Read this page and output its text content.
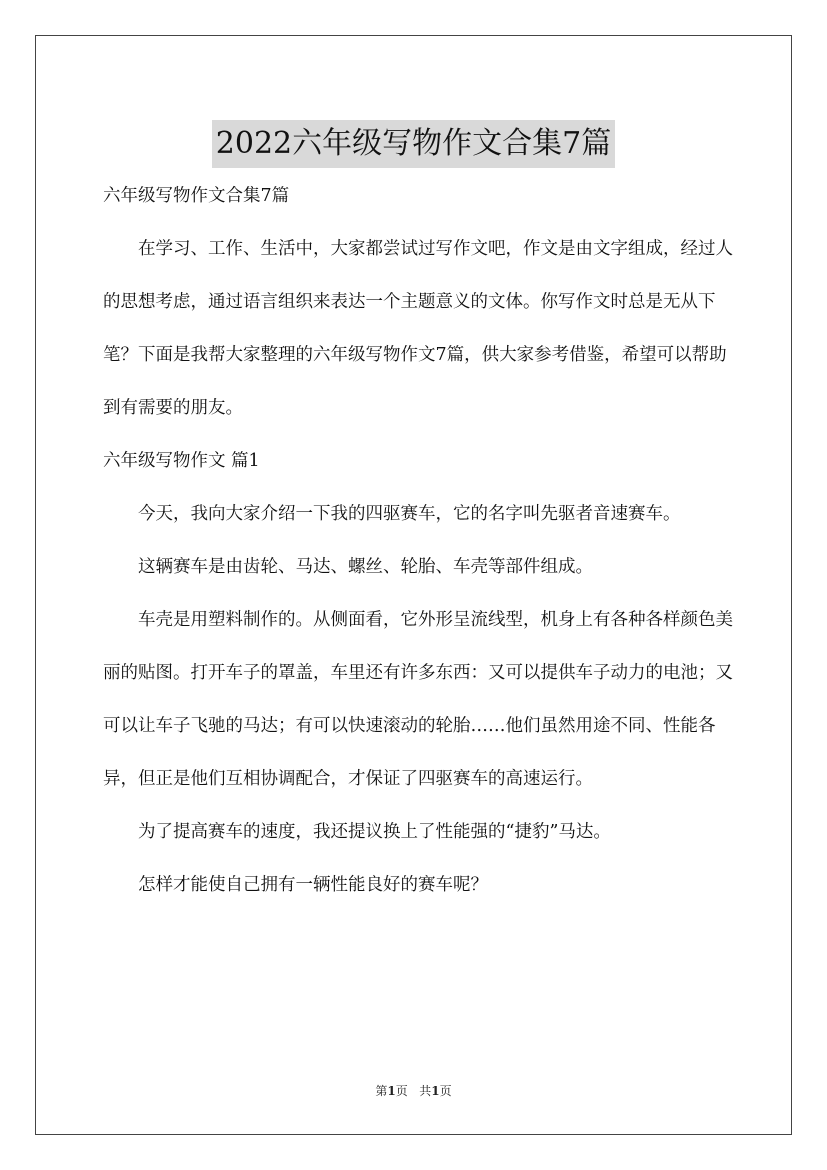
2022六年级写物作文合集7篇

六年级写物作文合集7篇

在学习、工作、生活中，大家都尝试过写作文吧，作文是由文字组成，经过人的思想考虑，通过语言组织来表达一个主题意义的文体。你写作文时总是无从下笔？下面是我帮大家整理的六年级写物作文7篇，供大家参考借鉴，希望可以帮助到有需要的朋友。

六年级写物作文 篇1

今天，我向大家介绍一下我的四驱赛车，它的名字叫先驱者音速赛车。

这辆赛车是由齿轮、马达、螺丝、轮胎、车壳等部件组成。

车壳是用塑料制作的。从侧面看，它外形呈流线型，机身上有各种各样颜色美丽的贴图。打开车子的罩盖，车里还有许多东西：又可以提供车子动力的电池；又可以让车子飞驰的马达；有可以快速滚动的轮胎……他们虽然用途不同、性能各异，但正是他们互相协调配合，才保证了四驱赛车的高速运行。

为了提高赛车的速度，我还提议换上了性能强的“捷豹”马达。

怎样才能使自己拥有一辆性能良好的赛车呢？

第1页 共1页
